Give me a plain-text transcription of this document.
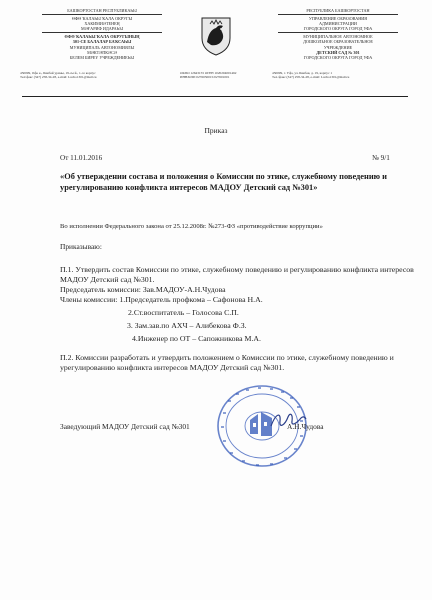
БАШКОРТОСТАН РЕСПУБЛИКАҺЫ
ӨФӨ ҠАЛАҺЫ ҠАЛА ОКРУГЫ
ХАКИМИӘТЕНЕҢ
МӘҒАРИФ ИДАРАҺЫ
ӨФӨ ҠАЛАҺЫ ҠАЛА ОКРУГЫНЫҢ
301-СЕ БАЛАЛАР БАҠСАҺЫ
МУНИЦИПАЛЬ АВТОНОМИЯЛЫ
МӘКТӘПКӘСӘ
БЕЛЕМ БИРЕҮ УЧРЕЖДЕНИЕҺЫ
РЕСПУБЛИКА БАШКОРТОСТАН
УПРАВЛЕНИЕ ОБРАЗОВАНИЯ
АДМИНИСТРАЦИИ
ГОРОДСКОГО ОКРУГА ГОРОД УФА
МУНИЦИПАЛЬНОЕ АВТОНОМНОЕ
ДОШКОЛЬНОЕ ОБРАЗОВАТЕЛЬНОЕ
УЧРЕЖДЕНИЕ
ДЕТСКИЙ САД № 301
ГОРОДСКОГО ОКРУГА ГОРОД УФА
450099, Өфө к., Бикбай урамы, 19-сы й., 1-се корпус
Тел/факс (347) 258-34-28, e-mail: Lucho1301@mail.ru
ОКПО 12643155 ОГРН 1020204001462
ИНН/КПП 0276030015/027601001
450099, г. Уфа, ул. Бикбая, д. 19, корпус 1
Тел./факс (347) 258-34-28, e-mail: Lucho1301@mail.ru
Приказ
От 11.01.2016	№ 9/1
«Об утверждении состава и положения о Комиссии по этике, служебному поведению и урегулированию конфликта интересов МАДОУ Детский сад №301»
Во исполнении Федерального закона от 25.12.2008г. №273-ФЗ «противодействие коррупции»
Приказываю:
П.1. Утвердить состав Комиссии по этике, служебному поведению и регулированию конфликта интересов МАДОУ Детский сад №301.
Председатель комиссии: Зав.МАДОУ-А.Н.Чудова
Члены комиссии: 1.Председатель профкома – Сафонова Н.А.
2.Ст.воспитатель – Голосова С.П.
3. Зам.зав.по АХЧ – Алибекова Ф.З.
4.Инженер по ОТ – Сапожникова М.А.
П.2. Комиссии разработать и утвердить положением о Комиссии по этике, служебному поведению и урегулированию конфликта интересов МАДОУ Детский сад №301.
Заведующий МАДОУ Детский сад №301	А.Н.Чудова
